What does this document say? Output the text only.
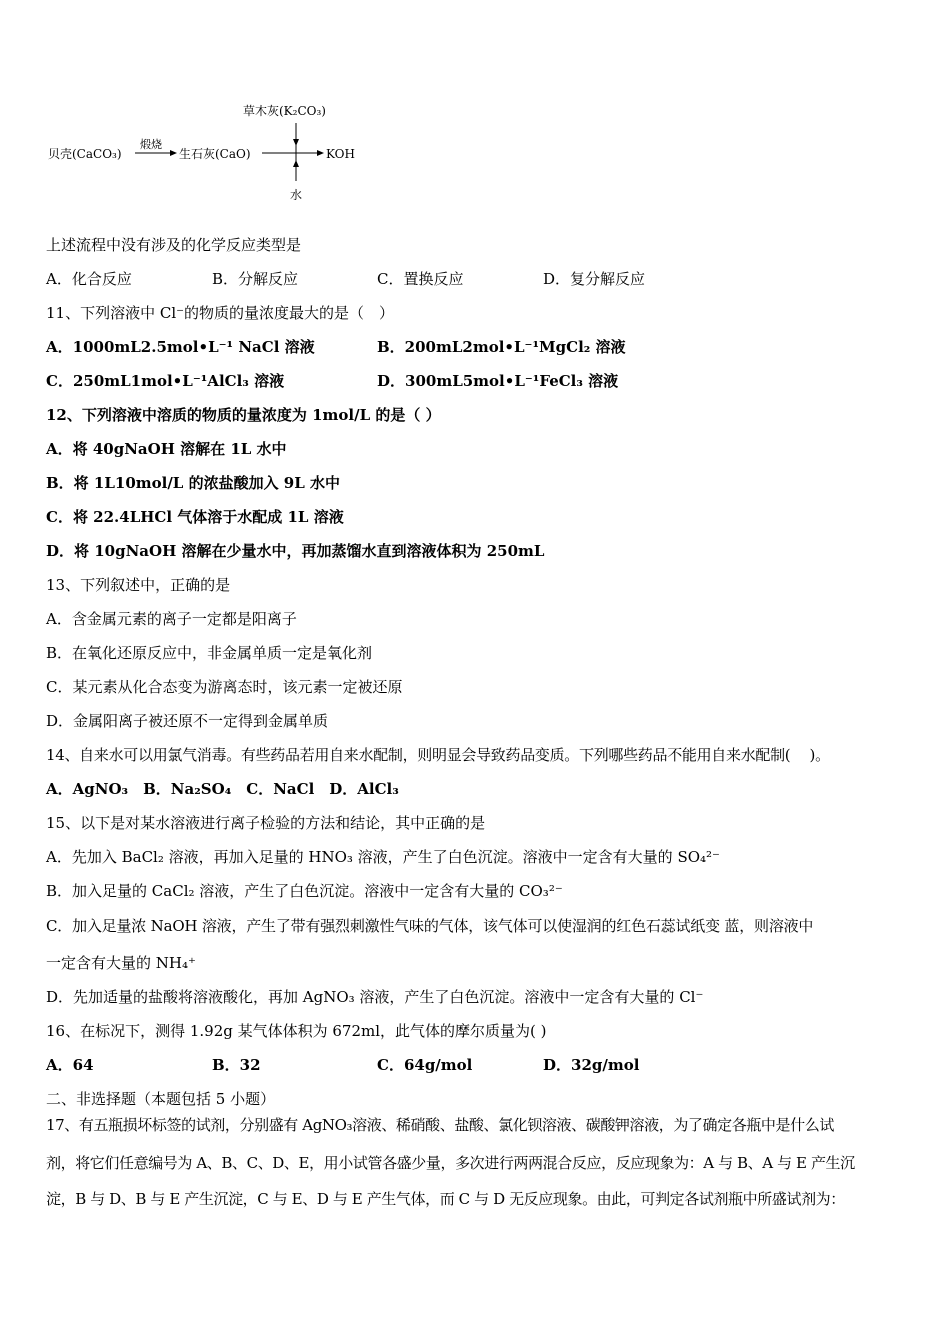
草木灰(K₂CO₃)
贝壳(CaCO₃)
煅烧
生石灰(CaO)	KOH
水
上述流程中没有涉及的化学反应类型是
A．化合反应	B．分解反应	C．置换反应	D．复分解反应
11、下列溶液中 Cl⁻的物质的量浓度最大的是（　）
A．1000mL2.5mol•L⁻¹ NaCl 溶液	B．200mL2mol•L⁻¹MgCl₂ 溶液
C．250mL1mol•L⁻¹AlCl₃ 溶液	D．300mL5mol•L⁻¹FeCl₃ 溶液
12、下列溶液中溶质的物质的量浓度为 1mol/L 的是（ ）
A．将 40gNaOH 溶解在 1L 水中
B．将 1L10mol/L 的浓盐酸加入 9L 水中
C．将 22.4LHCl 气体溶于水配成 1L 溶液
D．将 10gNaOH 溶解在少量水中，再加蒸馏水直到溶液体积为 250mL
13、下列叙述中，正确的是
A．含金属元素的离子一定都是阳离子
B．在氧化还原反应中，非金属单质一定是氧化剂
C．某元素从化合态变为游离态时，该元素一定被还原
D．金属阳离子被还原不一定得到金属单质
14、自来水可以用氯气消毒。有些药品若用自来水配制，则明显会导致药品变质。下列哪些药品不能用自来水配制(　 )。
A．AgNO₃　B．Na₂SO₄　C．NaCl　D．AlCl₃
15、以下是对某水溶液进行离子检验的方法和结论，其中正确的是
A．先加入 BaCl₂ 溶液，再加入足量的 HNO₃ 溶液，产生了白色沉淀。溶液中一定含有大量的 SO₄²⁻
B．加入足量的 CaCl₂ 溶液，产生了白色沉淀。溶液中一定含有大量的 CO₃²⁻
C．加入足量浓 NaOH 溶液，产生了带有强烈刺激性气味的气体，该气体可以使湿润的红色石蕊试纸变 蓝，则溶液中
一定含有大量的 NH₄⁺
D．先加适量的盐酸将溶液酸化，再加 AgNO₃ 溶液，产生了白色沉淀。溶液中一定含有大量的 Cl⁻
16、在标况下，测得 1.92g 某气体体积为 672ml，此气体的摩尔质量为( )
A．64	B．32	C．64g/mol	D．32g/mol
二、非选择题（本题包括 5 小题）
17、有五瓶损坏标签的试剂，分别盛有 AgNO₃溶液、稀硝酸、盐酸、氯化钡溶液、碳酸钾溶液，为了确定各瓶中是什么试
剂，将它们任意编号为 A、B、C、D、E，用小试管各盛少量，多次进行两两混合反应，反应现象为：A 与 B、A 与 E 产生沉
淀，B 与 D、B 与 E 产生沉淀，C 与 E、D 与 E 产生气体，而 C 与 D 无反应现象。由此，可判定各试剂瓶中所盛试剂为：
